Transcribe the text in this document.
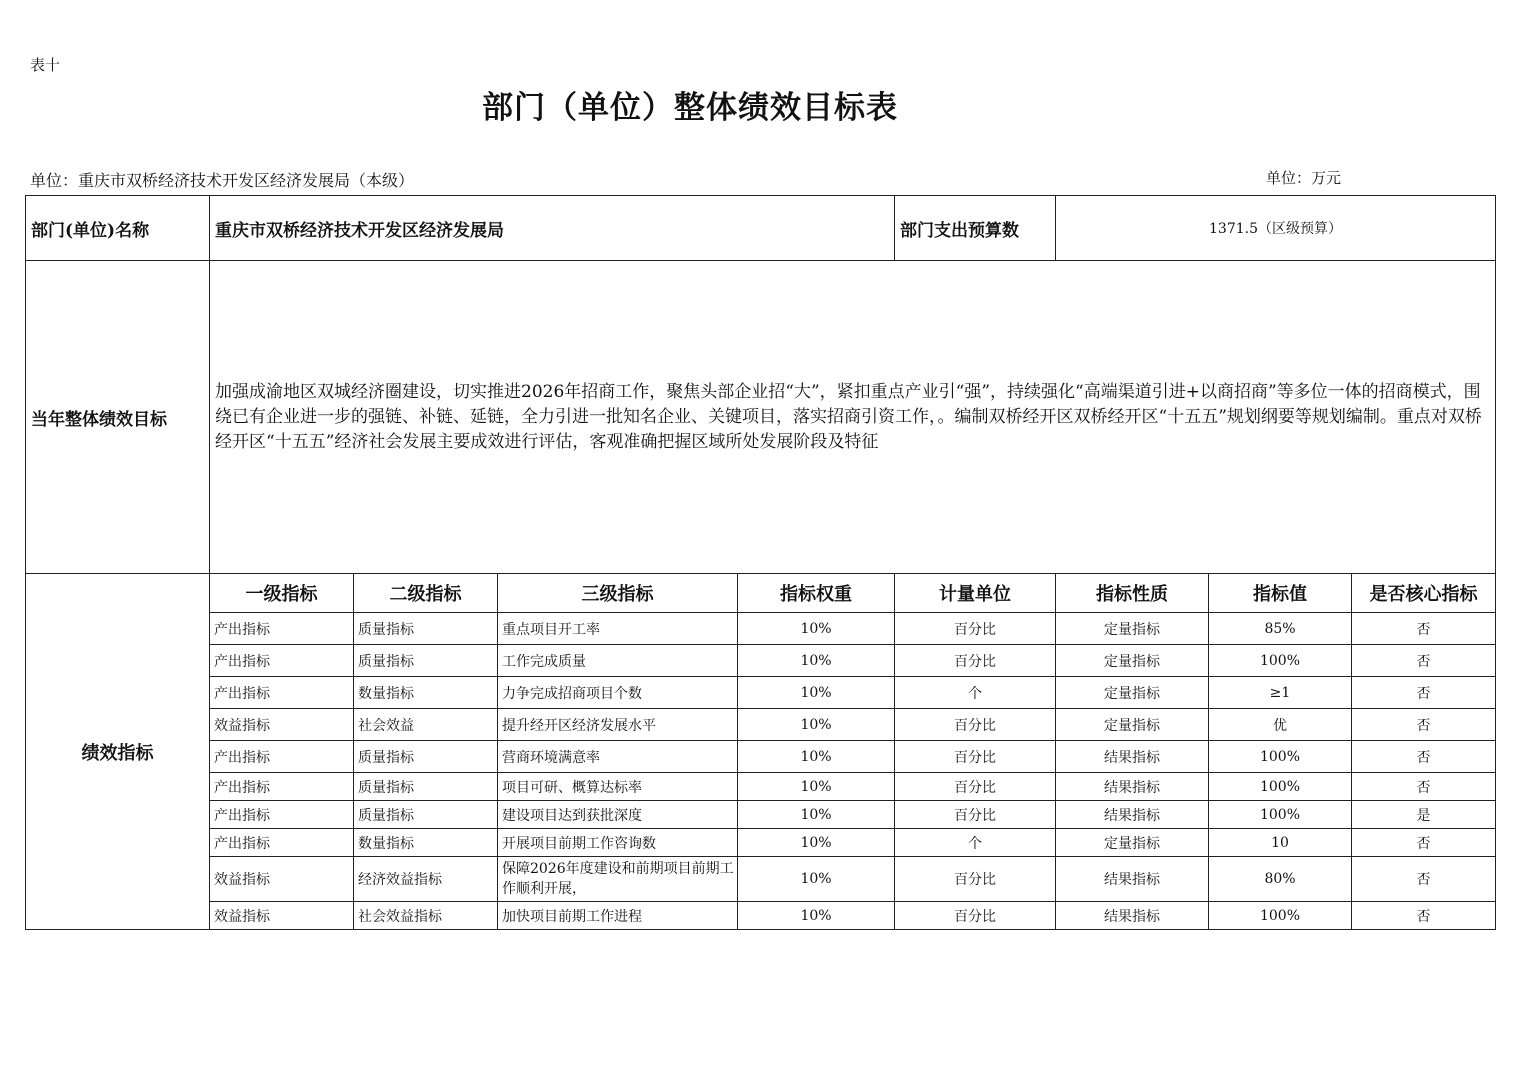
表十
部门（单位）整体绩效目标表
单位：重庆市双桥经济技术开发区经济发展局（本级）	单位：万元
部门(单位)名称	重庆市双桥经济技术开发区经济发展局				部门支出预算数	1371.5（区级预算）		
当年整体绩效目标	加强成渝地区双城经济圈建设，切实推进2026年招商工作，聚焦头部企业招“大”，紧扣重点产业引“强”，持续强化“高端渠道引进+以商招商”等多位一体的招商模式，围绕已有企业进一步的强链、补链、延链，全力引进一批知名企业、关键项目，落实招商引资工作，。编制双桥经开区双桥经开区“十五五”规划纲要等规划编制。重点对双桥经开区“十五五”经济社会发展主要成效进行评估，客观准确把握区域所处发展阶段及特征							
绩效指标	一级指标	二级指标	三级指标	指标权重	计量单位	指标性质	指标值	是否核心指标
	产出指标	质量指标	重点项目开工率	10%	百分比	定量指标	85%	否
	产出指标	质量指标	工作完成质量	10%	百分比	定量指标	100%	否
	产出指标	数量指标	力争完成招商项目个数	10%	个	定量指标	≥1	否
	效益指标	社会效益	提升经开区经济发展水平	10%	百分比	定量指标	优	否
	产出指标	质量指标	营商环境满意率	10%	百分比	结果指标	100%	否
	产出指标	质量指标	项目可研、概算达标率	10%	百分比	结果指标	100%	否
	产出指标	质量指标	建设项目达到获批深度	10%	百分比	结果指标	100%	是
	产出指标	数量指标	开展项目前期工作咨询数	10%	个	定量指标	10	否
	效益指标	经济效益指标	保障2026年度建设和前期项目前期工作顺利开展，	10%	百分比	结果指标	80%	否
	效益指标	社会效益指标	加快项目前期工作进程	10%	百分比	结果指标	100%	否
